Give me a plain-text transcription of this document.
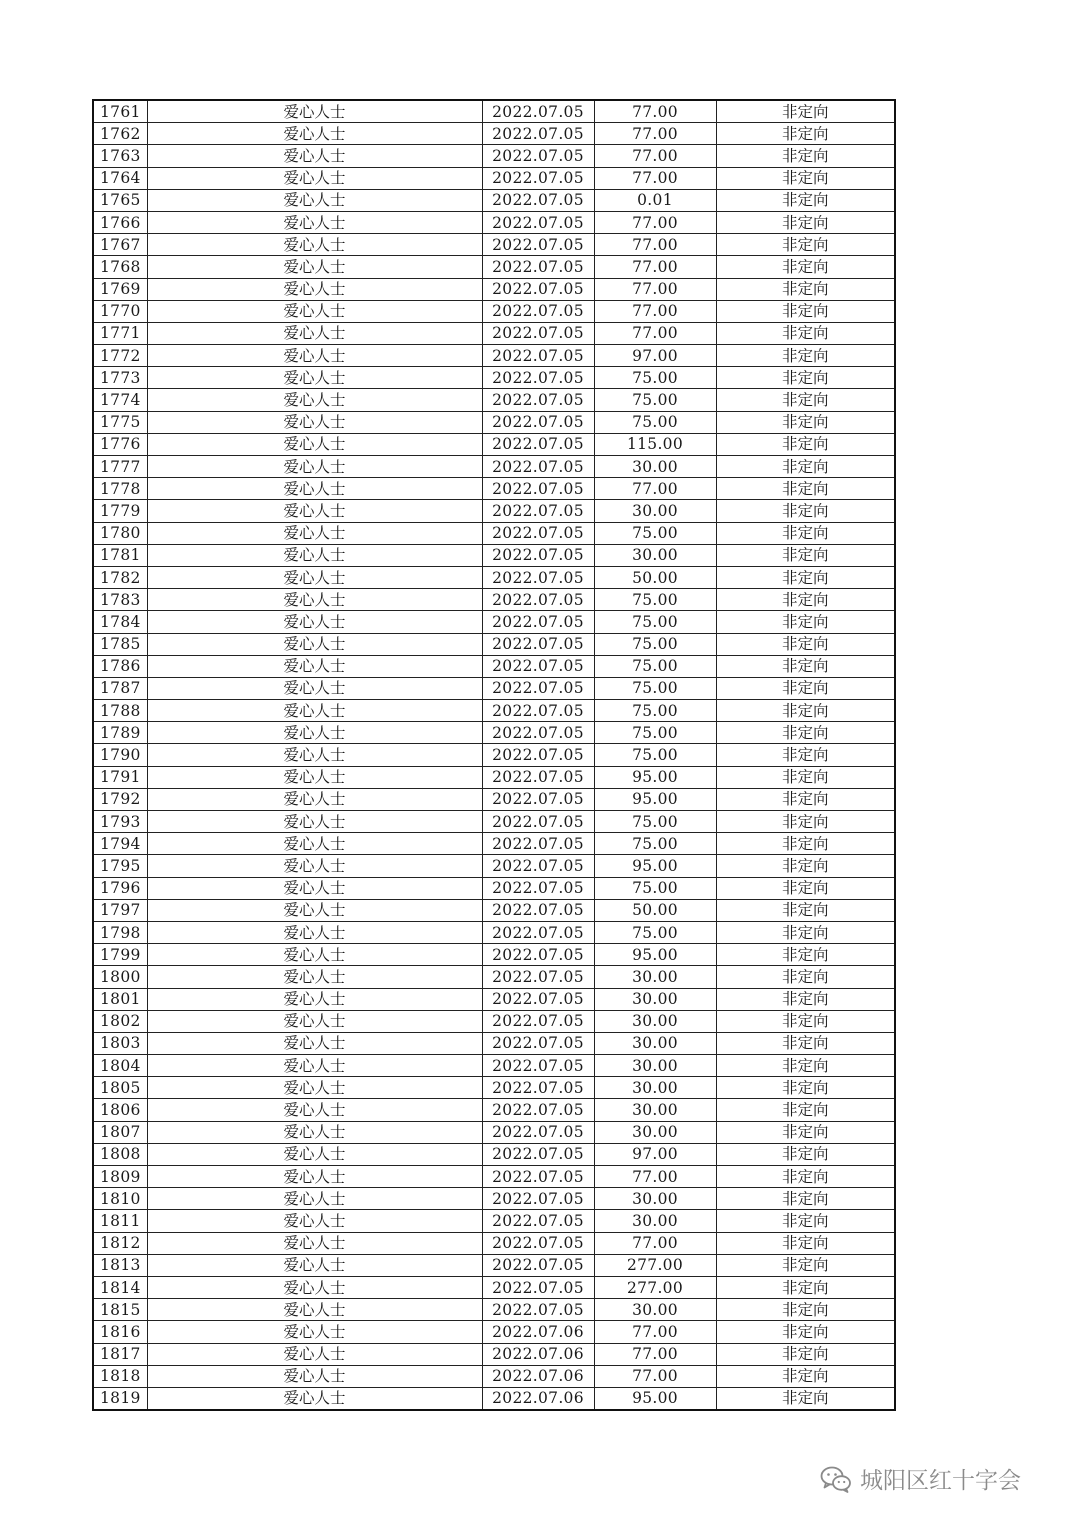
1761	爱心人士	2022.07.05	77.00	非定向
1762	爱心人士	2022.07.05	77.00	非定向
1763	爱心人士	2022.07.05	77.00	非定向
1764	爱心人士	2022.07.05	77.00	非定向
1765	爱心人士	2022.07.05	0.01	非定向
1766	爱心人士	2022.07.05	77.00	非定向
1767	爱心人士	2022.07.05	77.00	非定向
1768	爱心人士	2022.07.05	77.00	非定向
1769	爱心人士	2022.07.05	77.00	非定向
1770	爱心人士	2022.07.05	77.00	非定向
1771	爱心人士	2022.07.05	77.00	非定向
1772	爱心人士	2022.07.05	97.00	非定向
1773	爱心人士	2022.07.05	75.00	非定向
1774	爱心人士	2022.07.05	75.00	非定向
1775	爱心人士	2022.07.05	75.00	非定向
1776	爱心人士	2022.07.05	115.00	非定向
1777	爱心人士	2022.07.05	30.00	非定向
1778	爱心人士	2022.07.05	77.00	非定向
1779	爱心人士	2022.07.05	30.00	非定向
1780	爱心人士	2022.07.05	75.00	非定向
1781	爱心人士	2022.07.05	30.00	非定向
1782	爱心人士	2022.07.05	50.00	非定向
1783	爱心人士	2022.07.05	75.00	非定向
1784	爱心人士	2022.07.05	75.00	非定向
1785	爱心人士	2022.07.05	75.00	非定向
1786	爱心人士	2022.07.05	75.00	非定向
1787	爱心人士	2022.07.05	75.00	非定向
1788	爱心人士	2022.07.05	75.00	非定向
1789	爱心人士	2022.07.05	75.00	非定向
1790	爱心人士	2022.07.05	75.00	非定向
1791	爱心人士	2022.07.05	95.00	非定向
1792	爱心人士	2022.07.05	95.00	非定向
1793	爱心人士	2022.07.05	75.00	非定向
1794	爱心人士	2022.07.05	75.00	非定向
1795	爱心人士	2022.07.05	95.00	非定向
1796	爱心人士	2022.07.05	75.00	非定向
1797	爱心人士	2022.07.05	50.00	非定向
1798	爱心人士	2022.07.05	75.00	非定向
1799	爱心人士	2022.07.05	95.00	非定向
1800	爱心人士	2022.07.05	30.00	非定向
1801	爱心人士	2022.07.05	30.00	非定向
1802	爱心人士	2022.07.05	30.00	非定向
1803	爱心人士	2022.07.05	30.00	非定向
1804	爱心人士	2022.07.05	30.00	非定向
1805	爱心人士	2022.07.05	30.00	非定向
1806	爱心人士	2022.07.05	30.00	非定向
1807	爱心人士	2022.07.05	30.00	非定向
1808	爱心人士	2022.07.05	97.00	非定向
1809	爱心人士	2022.07.05	77.00	非定向
1810	爱心人士	2022.07.05	30.00	非定向
1811	爱心人士	2022.07.05	30.00	非定向
1812	爱心人士	2022.07.05	77.00	非定向
1813	爱心人士	2022.07.05	277.00	非定向
1814	爱心人士	2022.07.05	277.00	非定向
1815	爱心人士	2022.07.05	30.00	非定向
1816	爱心人士	2022.07.06	77.00	非定向
1817	爱心人士	2022.07.06	77.00	非定向
1818	爱心人士	2022.07.06	77.00	非定向
1819	爱心人士	2022.07.06	95.00	非定向
城阳区红十字会
